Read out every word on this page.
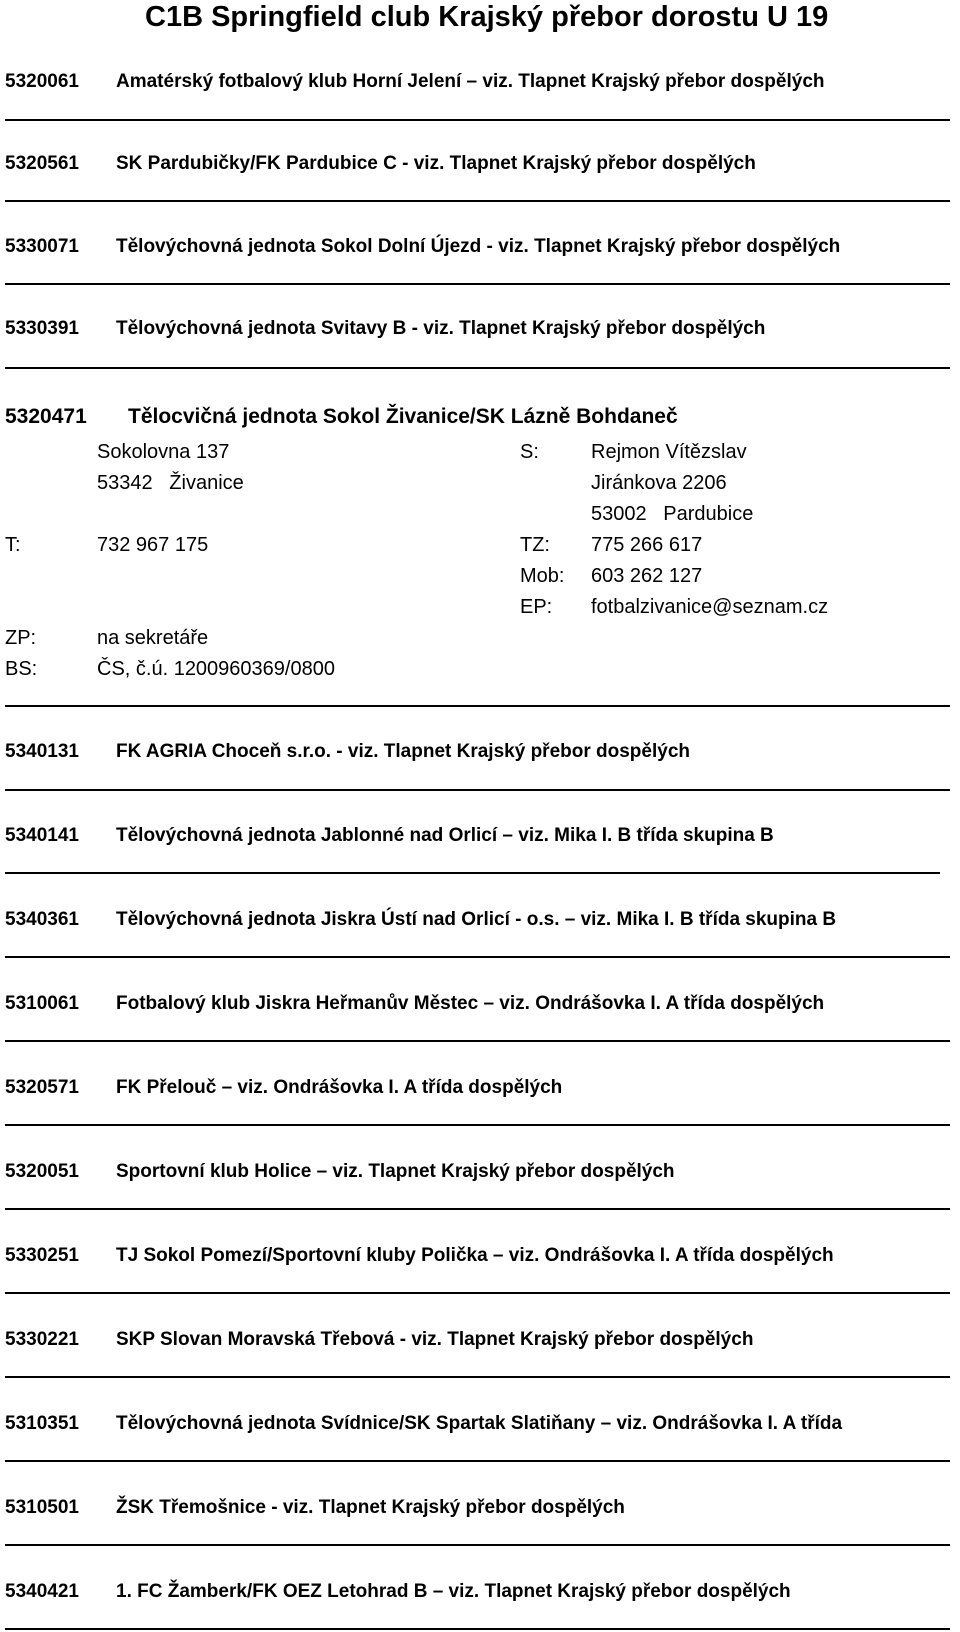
C1B Springfield club Krajský přebor dorostu U 19
5320061 Amatérský fotbalový klub Horní Jelení – viz. Tlapnet Krajský přebor dospělých
5320561 SK Pardubičky/FK Pardubice C - viz. Tlapnet Krajský přebor dospělých
5330071 Tělovýchovná jednota Sokol Dolní Újezd - viz. Tlapnet Krajský přebor dospělých
5330391 Tělovýchovná jednota Svitavy B - viz. Tlapnet Krajský přebor dospělých
5320471 Tělocvičná jednota Sokol Živanice/SK Lázně Bohdaneč
Sokolovna 137
53342   Živanice
S:	Rejmon Vítězslav
Jiránkova 2206
53002   Pardubice
T:	732 967 175	TZ: 775 266 617
Mob: 603 262 127
EP: fotbalzivanice@seznam.cz
ZP:	na sekretáře
BS:	ČS, č.ú. 1200960369/0800
5340131 FK AGRIA Choceň s.r.o. - viz. Tlapnet Krajský přebor dospělých
5340141 Tělovýchovná jednota Jablonné nad Orlicí – viz. Mika I. B třída skupina B
5340361 Tělovýchovná jednota Jiskra Ústí nad Orlicí - o.s. – viz. Mika I. B třída skupina B
5310061 Fotbalový klub Jiskra Heřmanův Městec – viz. Ondrášovka I. A třída dospělých
5320571 FK Přelouč – viz. Ondrášovka I. A třída dospělých
5320051 Sportovní klub Holice – viz. Tlapnet Krajský přebor dospělých
5330251 TJ Sokol Pomezí/Sportovní kluby Polička – viz. Ondrášovka I. A třída dospělých
5330221 SKP Slovan Moravská Třebová - viz. Tlapnet Krajský přebor dospělých
5310351 Tělovýchovná jednota Svídnice/SK Spartak Slatiňany – viz. Ondrášovka I. A třída
5310501 ŽSK Třemošnice - viz. Tlapnet Krajský přebor dospělých
5340421 1. FC Žamberk/FK OEZ Letohrad B – viz. Tlapnet Krajský přebor dospělých
